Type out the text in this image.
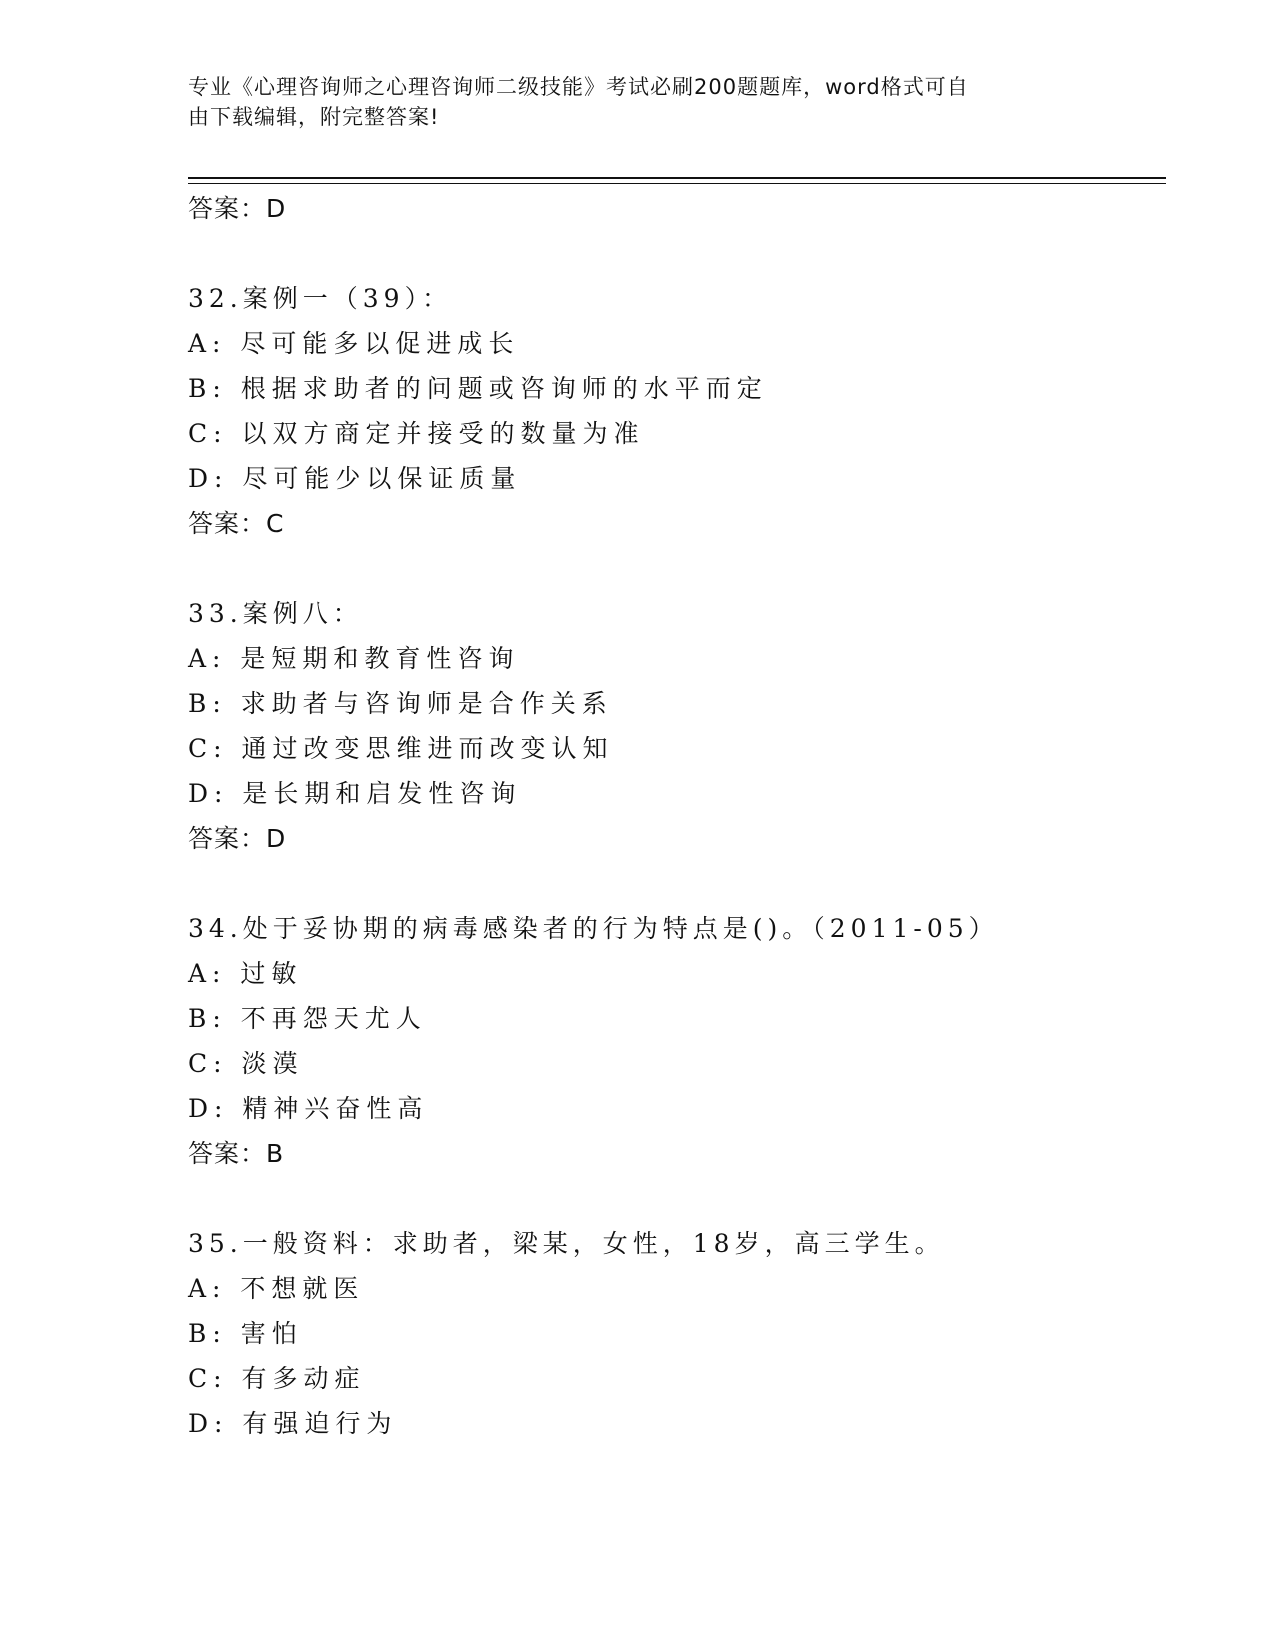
专业《心理咨询师之心理咨询师二级技能》考试必刷200题题库，word格式可自
由下载编辑，附完整答案!
答案：D
32.案例一（39）：
A: 尽可能多以促进成长
B: 根据求助者的问题或咨询师的水平而定
C: 以双方商定并接受的数量为准
D: 尽可能少以保证质量
答案：C
33.案例八：
A: 是短期和教育性咨询
B: 求助者与咨询师是合作关系
C: 通过改变思维进而改变认知
D: 是长期和启发性咨询
答案：D
34.处于妥协期的病毒感染者的行为特点是()。（2011-05）
A: 过敏
B: 不再怨天尤人
C: 淡漠
D: 精神兴奋性高
答案：B
35.一般资料：求助者，梁某，女性，18岁，高三学生。
A: 不想就医
B: 害怕
C: 有多动症
D: 有强迫行为
